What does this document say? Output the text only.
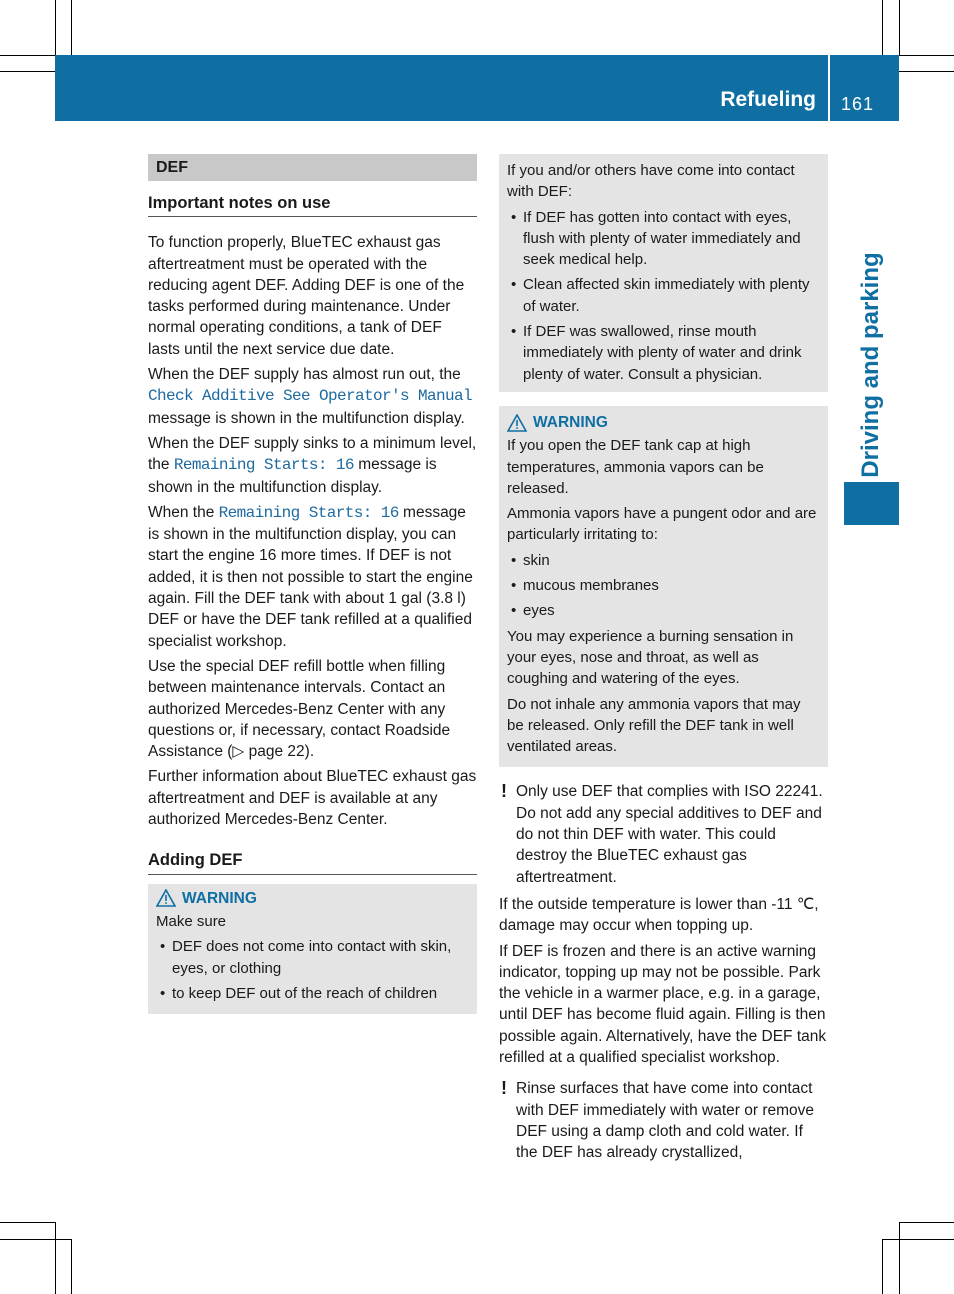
Refueling 161
Driving and parking
DEF
Important notes on use

To function properly, BlueTEC exhaust gas aftertreatment must be operated with the reducing agent DEF. Adding DEF is one of the tasks performed during maintenance. Under normal operating conditions, a tank of DEF lasts until the next service due date.

When the DEF supply has almost run out, the Check Additive See Operator's Manual message is shown in the multifunction display.

When the DEF supply sinks to a minimum level, the Remaining Starts: 16 message is shown in the multifunction display.

When the Remaining Starts: 16 message is shown in the multifunction display, you can start the engine 16 more times. If DEF is not added, it is then not possible to start the engine again. Fill the DEF tank with about 1 gal (3.8 l) DEF or have the DEF tank refilled at a qualified specialist workshop.

Use the special DEF refill bottle when filling between maintenance intervals. Contact an authorized Mercedes-Benz Center with any questions or, if necessary, contact Roadside Assistance (▷ page 22).

Further information about BlueTEC exhaust gas aftertreatment and DEF is available at any authorized Mercedes-Benz Center.

Adding DEF
WARNING

Make sure

• DEF does not come into contact with skin, eyes, or clothing
• to keep DEF out of the reach of children

If you and/or others have come into contact with DEF:

• If DEF has gotten into contact with eyes, flush with plenty of water immediately and seek medical help.
• Clean affected skin immediately with plenty of water.
• If DEF was swallowed, rinse mouth immediately with plenty of water and drink plenty of water. Consult a physician.
WARNING

If you open the DEF tank cap at high temperatures, ammonia vapors can be released.

Ammonia vapors have a pungent odor and are particularly irritating to:

• skin
• mucous membranes
• eyes

You may experience a burning sensation in your eyes, nose and throat, as well as coughing and watering of the eyes.

Do not inhale any ammonia vapors that may be released. Only refill the DEF tank in well ventilated areas.

! Only use DEF that complies with ISO 22241. Do not add any special additives to DEF and do not thin DEF with water. This could destroy the BlueTEC exhaust gas aftertreatment.

If the outside temperature is lower than -11 ℃, damage may occur when topping up.

If DEF is frozen and there is an active warning indicator, topping up may not be possible. Park the vehicle in a warmer place, e.g. in a garage, until DEF has become fluid again. Filling is then possible again. Alternatively, have the DEF tank refilled at a qualified specialist workshop.

! Rinse surfaces that have come into contact with DEF immediately with water or remove DEF using a damp cloth and cold water. If the DEF has already crystallized,
